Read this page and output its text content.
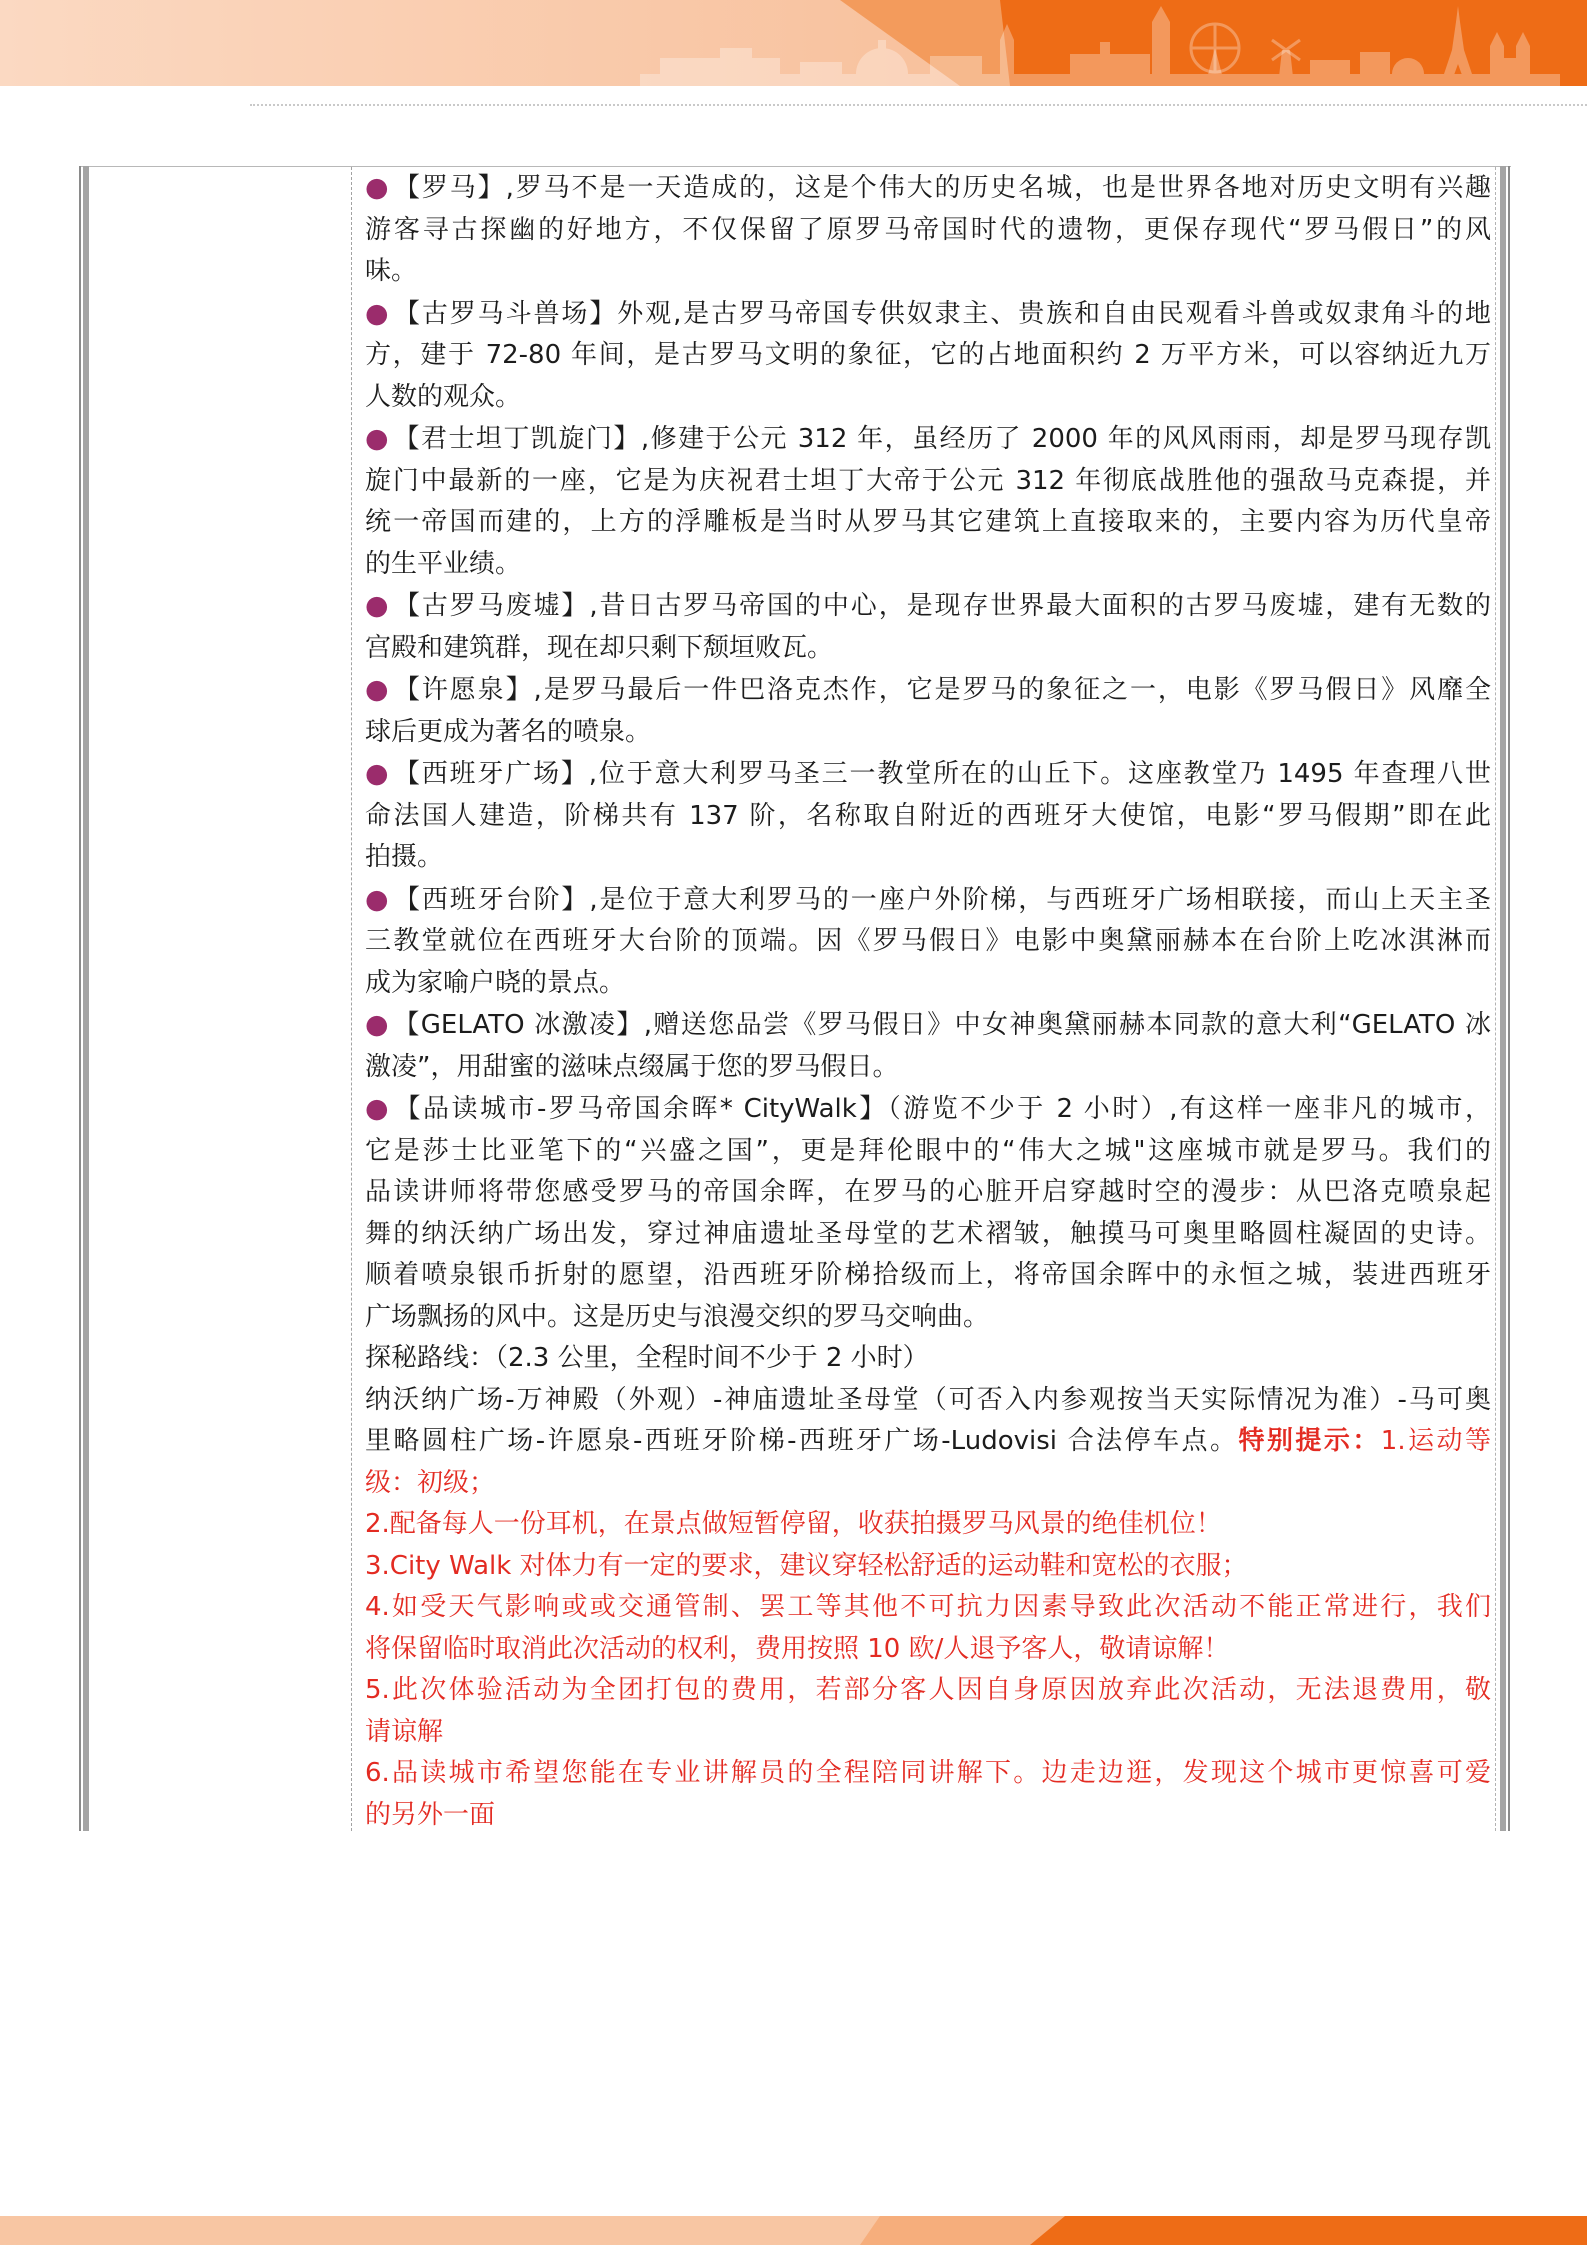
● 【罗马】,罗马不是一天造成的，这是个伟大的历史名城，也是世界各地对历史文明有兴趣
游客寻古探幽的好地方，不仅保留了原罗马帝国时代的遗物，更保存现代“罗马假日”的风
味。
● 【古罗马斗兽场】外观,是古罗马帝国专供奴隶主、贵族和自由民观看斗兽或奴隶角斗的地
方，建于 72-80 年间，是古罗马文明的象征，它的占地面积约 2 万平方米，可以容纳近九万
人数的观众。
● 【君士坦丁凯旋门】,修建于公元 312 年，虽经历了 2000 年的风风雨雨，却是罗马现存凯
旋门中最新的一座，它是为庆祝君士坦丁大帝于公元 312 年彻底战胜他的强敌马克森提，并
统一帝国而建的，上方的浮雕板是当时从罗马其它建筑上直接取来的，主要内容为历代皇帝
的生平业绩。
● 【古罗马废墟】,昔日古罗马帝国的中心，是现存世界最大面积的古罗马废墟，建有无数的
宫殿和建筑群，现在却只剩下颓垣败瓦。
● 【许愿泉】,是罗马最后一件巴洛克杰作，它是罗马的象征之一，电影《罗马假日》风靡全
球后更成为著名的喷泉。
● 【西班牙广场】,位于意大利罗马圣三一教堂所在的山丘下。这座教堂乃 1495 年查理八世
命法国人建造，阶梯共有 137 阶，名称取自附近的西班牙大使馆，电影“罗马假期”即在此
拍摄。
● 【西班牙台阶】,是位于意大利罗马的一座户外阶梯，与西班牙广场相联接，而山上天主圣
三教堂就位在西班牙大台阶的顶端。因《罗马假日》电影中奥黛丽赫本在台阶上吃冰淇淋而
成为家喻户晓的景点。
● 【GELATO 冰激凌】,赠送您品尝《罗马假日》中女神奥黛丽赫本同款的意大利“GELATO 冰
激凌”，用甜蜜的滋味点缀属于您的罗马假日。
● 【品读城市-罗马帝国余晖* CityWalk】（游览不少于 2 小时）,有这样一座非凡的城市，
它是莎士比亚笔下的“兴盛之国”，更是拜伦眼中的“伟大之城"这座城市就是罗马。我们的
品读讲师将带您感受罗马的帝国余晖，在罗马的心脏开启穿越时空的漫步：从巴洛克喷泉起
舞的纳沃纳广场出发，穿过神庙遗址圣母堂的艺术褶皱，触摸马可奥里略圆柱凝固的史诗。
顺着喷泉银币折射的愿望，沿西班牙阶梯拾级而上，将帝国余晖中的永恒之城，装进西班牙
广场飘扬的风中。这是历史与浪漫交织的罗马交响曲。
探秘路线：（2.3 公里，全程时间不少于 2 小时）
纳沃纳广场-万神殿（外观）-神庙遗址圣母堂（可否入内参观按当天实际情况为准）-马可奥
里略圆柱广场-许愿泉-西班牙阶梯-西班牙广场-Ludovisi 合法停车点。特别提示：1.运动等
级：初级；
2.配备每人一份耳机，在景点做短暂停留，收获拍摄罗马风景的绝佳机位！
3.City Walk 对体力有一定的要求，建议穿轻松舒适的运动鞋和宽松的衣服；
4.如受天气影响或或交通管制、罢工等其他不可抗力因素导致此次活动不能正常进行，我们
将保留临时取消此次活动的权利，费用按照 10 欧/人退予客人，敬请谅解！
5.此次体验活动为全团打包的费用，若部分客人因自身原因放弃此次活动，无法退费用，敬
请谅解
6.品读城市希望您能在专业讲解员的全程陪同讲解下。边走边逛，发现这个城市更惊喜可爱
的另外一面
